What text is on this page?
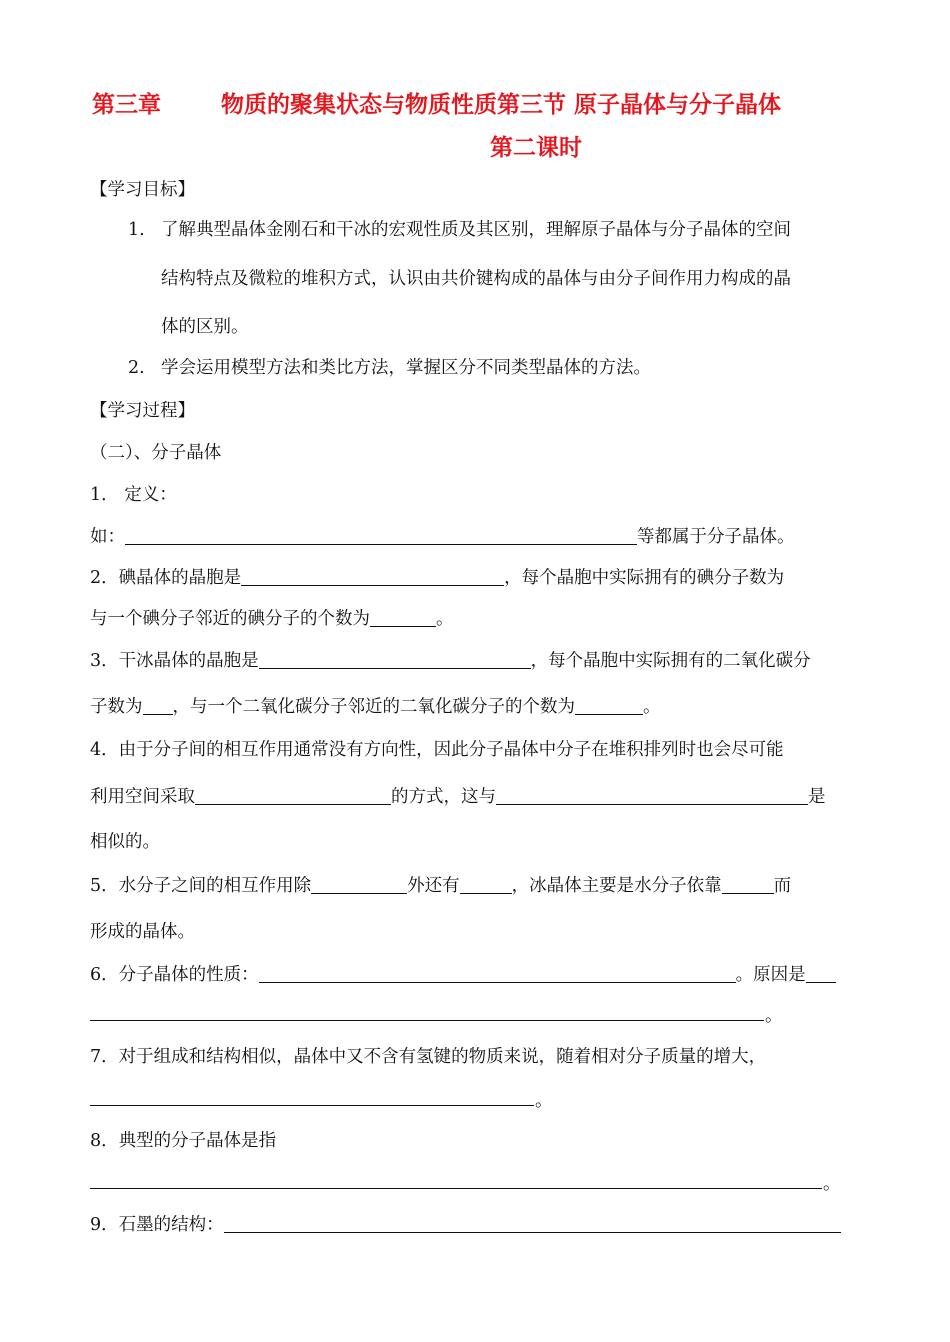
第三章	物质的聚集状态与物质性质第三节 原子晶体与分子晶体
第二课时
【学习目标】
1. 了解典型晶体金刚石和干冰的宏观性质及其区别，理解原子晶体与分子晶体的空间
结构特点及微粒的堆积方式，认识由共价键构成的晶体与由分子间作用力构成的晶
体的区别。
2. 学会运用模型方法和类比方法，掌握区分不同类型晶体的方法。
【学习过程】
（二）、分子晶体
1． 定义：
如：	等都属于分子晶体。
2．碘晶体的晶胞是	，每个晶胞中实际拥有的碘分子数为
与一个碘分子邻近的碘分子的个数为	。
3．干冰晶体的晶胞是	，每个晶胞中实际拥有的二氧化碳分
子数为 ，与一个二氧化碳分子邻近的二氧化碳分子的个数为	。
4．由于分子间的相互作用通常没有方向性，因此分子晶体中分子在堆积排列时也会尽可能
利用空间采取	的方式，这与	是
相似的。
5．水分子之间的相互作用除	外还有	，冰晶体主要是水分子依靠	而
形成的晶体。
6．分子晶体的性质：	。原因是
。
7．对于组成和结构相似，晶体中又不含有氢键的物质来说，随着相对分子质量的增大，
。
8．典型的分子晶体是指
。
9．石墨的结构：
